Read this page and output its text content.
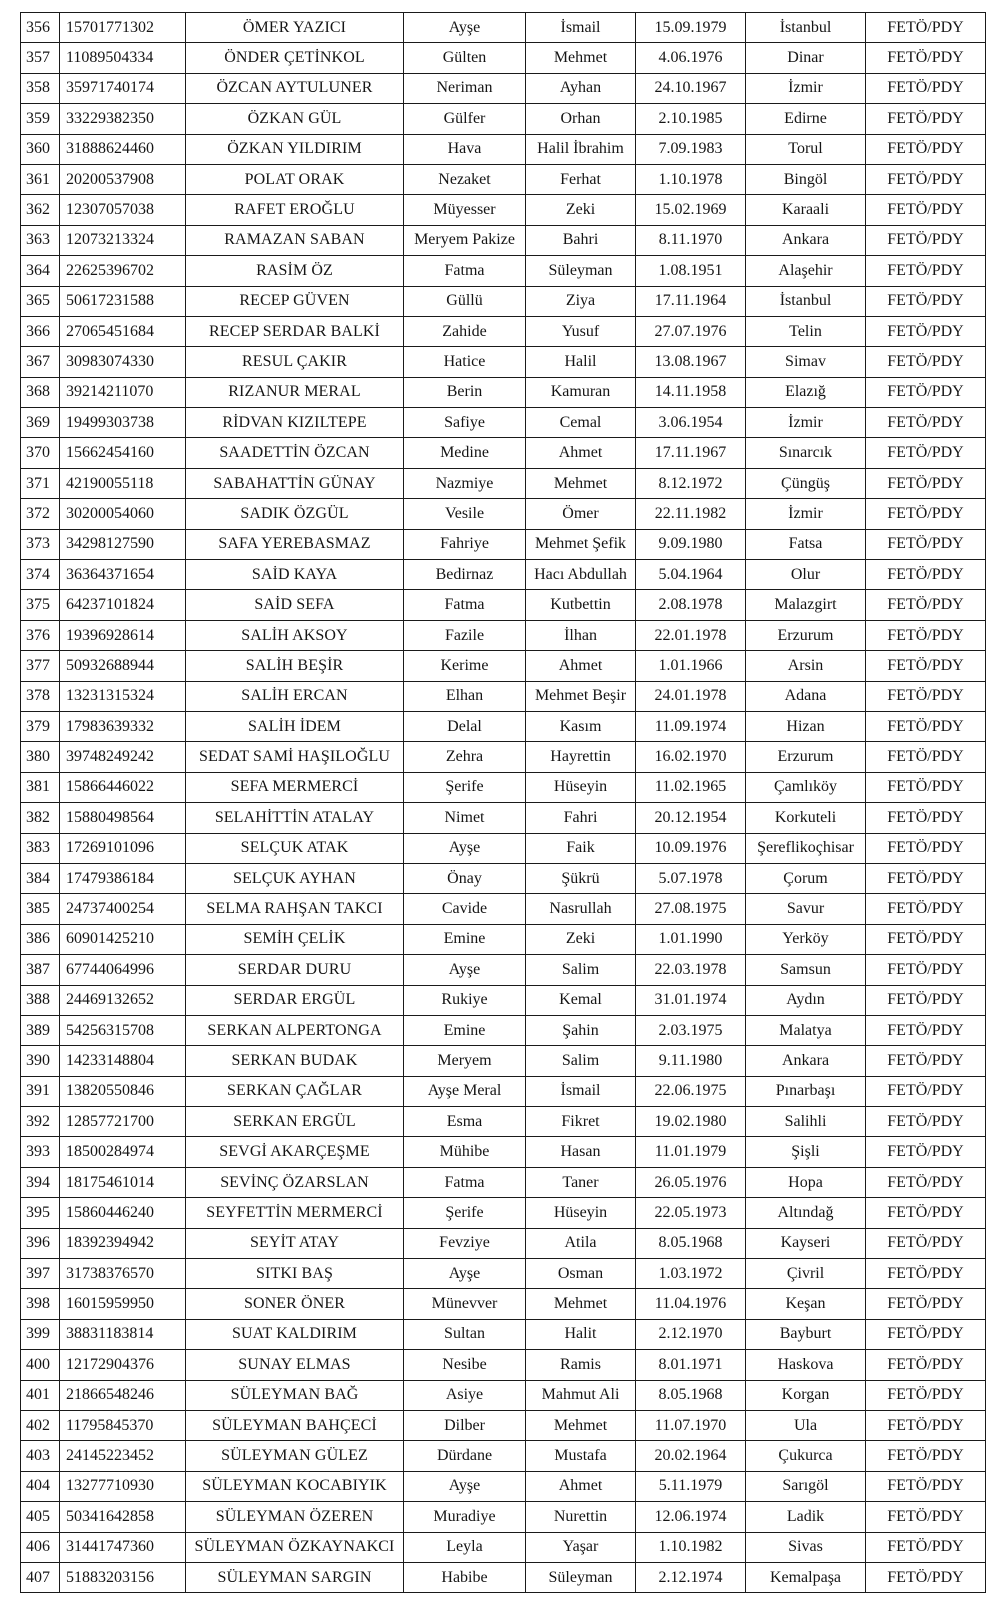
356	15701771302	ÖMER YAZICI	Ayşe	İsmail	15.09.1979	İstanbul	FETÖ/PDY
357	11089504334	ÖNDER ÇETİNKOL	Gülten	Mehmet	4.06.1976	Dinar	FETÖ/PDY
358	35971740174	ÖZCAN AYTULUNER	Neriman	Ayhan	24.10.1967	İzmir	FETÖ/PDY
359	33229382350	ÖZKAN GÜL	Gülfer	Orhan	2.10.1985	Edirne	FETÖ/PDY
360	31888624460	ÖZKAN YILDIRIM	Hava	Halil İbrahim	7.09.1983	Torul	FETÖ/PDY
361	20200537908	POLAT ORAK	Nezaket	Ferhat	1.10.1978	Bingöl	FETÖ/PDY
362	12307057038	RAFET EROĞLU	Müyesser	Zeki	15.02.1969	Karaali	FETÖ/PDY
363	12073213324	RAMAZAN SABAN	Meryem Pakize	Bahri	8.11.1970	Ankara	FETÖ/PDY
364	22625396702	RASİM ÖZ	Fatma	Süleyman	1.08.1951	Alaşehir	FETÖ/PDY
365	50617231588	RECEP GÜVEN	Güllü	Ziya	17.11.1964	İstanbul	FETÖ/PDY
366	27065451684	RECEP SERDAR BALKİ	Zahide	Yusuf	27.07.1976	Telin	FETÖ/PDY
367	30983074330	RESUL ÇAKIR	Hatice	Halil	13.08.1967	Simav	FETÖ/PDY
368	39214211070	RIZANUR MERAL	Berin	Kamuran	14.11.1958	Elazığ	FETÖ/PDY
369	19499303738	RİDVAN KIZILTEPE	Safiye	Cemal	3.06.1954	İzmir	FETÖ/PDY
370	15662454160	SAADETTİN ÖZCAN	Medine	Ahmet	17.11.1967	Sınarcık	FETÖ/PDY
371	42190055118	SABAHATTİN GÜNAY	Nazmiye	Mehmet	8.12.1972	Çüngüş	FETÖ/PDY
372	30200054060	SADIK ÖZGÜL	Vesile	Ömer	22.11.1982	İzmir	FETÖ/PDY
373	34298127590	SAFA YEREBASMAZ	Fahriye	Mehmet Şefik	9.09.1980	Fatsa	FETÖ/PDY
374	36364371654	SAİD KAYA	Bedirnaz	Hacı Abdullah	5.04.1964	Olur	FETÖ/PDY
375	64237101824	SAİD SEFA	Fatma	Kutbettin	2.08.1978	Malazgirt	FETÖ/PDY
376	19396928614	SALİH AKSOY	Fazile	İlhan	22.01.1978	Erzurum	FETÖ/PDY
377	50932688944	SALİH BEŞİR	Kerime	Ahmet	1.01.1966	Arsin	FETÖ/PDY
378	13231315324	SALİH ERCAN	Elhan	Mehmet Beşir	24.01.1978	Adana	FETÖ/PDY
379	17983639332	SALİH İDEM	Delal	Kasım	11.09.1974	Hizan	FETÖ/PDY
380	39748249242	SEDAT SAMİ HAŞILOĞLU	Zehra	Hayrettin	16.02.1970	Erzurum	FETÖ/PDY
381	15866446022	SEFA MERMERCİ	Şerife	Hüseyin	11.02.1965	Çamlıköy	FETÖ/PDY
382	15880498564	SELAHİTTİN ATALAY	Nimet	Fahri	20.12.1954	Korkuteli	FETÖ/PDY
383	17269101096	SELÇUK ATAK	Ayşe	Faik	10.09.1976	Şereflikoçhisar	FETÖ/PDY
384	17479386184	SELÇUK AYHAN	Önay	Şükrü	5.07.1978	Çorum	FETÖ/PDY
385	24737400254	SELMA RAHŞAN TAKCI	Cavide	Nasrullah	27.08.1975	Savur	FETÖ/PDY
386	60901425210	SEMİH ÇELİK	Emine	Zeki	1.01.1990	Yerköy	FETÖ/PDY
387	67744064996	SERDAR DURU	Ayşe	Salim	22.03.1978	Samsun	FETÖ/PDY
388	24469132652	SERDAR ERGÜL	Rukiye	Kemal	31.01.1974	Aydın	FETÖ/PDY
389	54256315708	SERKAN ALPERTONGA	Emine	Şahin	2.03.1975	Malatya	FETÖ/PDY
390	14233148804	SERKAN BUDAK	Meryem	Salim	9.11.1980	Ankara	FETÖ/PDY
391	13820550846	SERKAN ÇAĞLAR	Ayşe Meral	İsmail	22.06.1975	Pınarbaşı	FETÖ/PDY
392	12857721700	SERKAN ERGÜL	Esma	Fikret	19.02.1980	Salihli	FETÖ/PDY
393	18500284974	SEVGİ AKARÇEŞME	Mühibe	Hasan	11.01.1979	Şişli	FETÖ/PDY
394	18175461014	SEVİNÇ ÖZARSLAN	Fatma	Taner	26.05.1976	Hopa	FETÖ/PDY
395	15860446240	SEYFETTİN MERMERCİ	Şerife	Hüseyin	22.05.1973	Altındağ	FETÖ/PDY
396	18392394942	SEYİT ATAY	Fevziye	Atila	8.05.1968	Kayseri	FETÖ/PDY
397	31738376570	SITKI BAŞ	Ayşe	Osman	1.03.1972	Çivril	FETÖ/PDY
398	16015959950	SONER ÖNER	Münevver	Mehmet	11.04.1976	Keşan	FETÖ/PDY
399	38831183814	SUAT KALDIRIM	Sultan	Halit	2.12.1970	Bayburt	FETÖ/PDY
400	12172904376	SUNAY ELMAS	Nesibe	Ramis	8.01.1971	Haskova	FETÖ/PDY
401	21866548246	SÜLEYMAN BAĞ	Asiye	Mahmut Ali	8.05.1968	Korgan	FETÖ/PDY
402	11795845370	SÜLEYMAN BAHÇECİ	Dilber	Mehmet	11.07.1970	Ula	FETÖ/PDY
403	24145223452	SÜLEYMAN GÜLEZ	Dürdane	Mustafa	20.02.1964	Çukurca	FETÖ/PDY
404	13277710930	SÜLEYMAN KOCABIYIK	Ayşe	Ahmet	5.11.1979	Sarıgöl	FETÖ/PDY
405	50341642858	SÜLEYMAN ÖZEREN	Muradiye	Nurettin	12.06.1974	Ladik	FETÖ/PDY
406	31441747360	SÜLEYMAN ÖZKAYNAKCI	Leyla	Yaşar	1.10.1982	Sivas	FETÖ/PDY
407	51883203156	SÜLEYMAN SARGIN	Habibe	Süleyman	2.12.1974	Kemalpaşa	FETÖ/PDY
